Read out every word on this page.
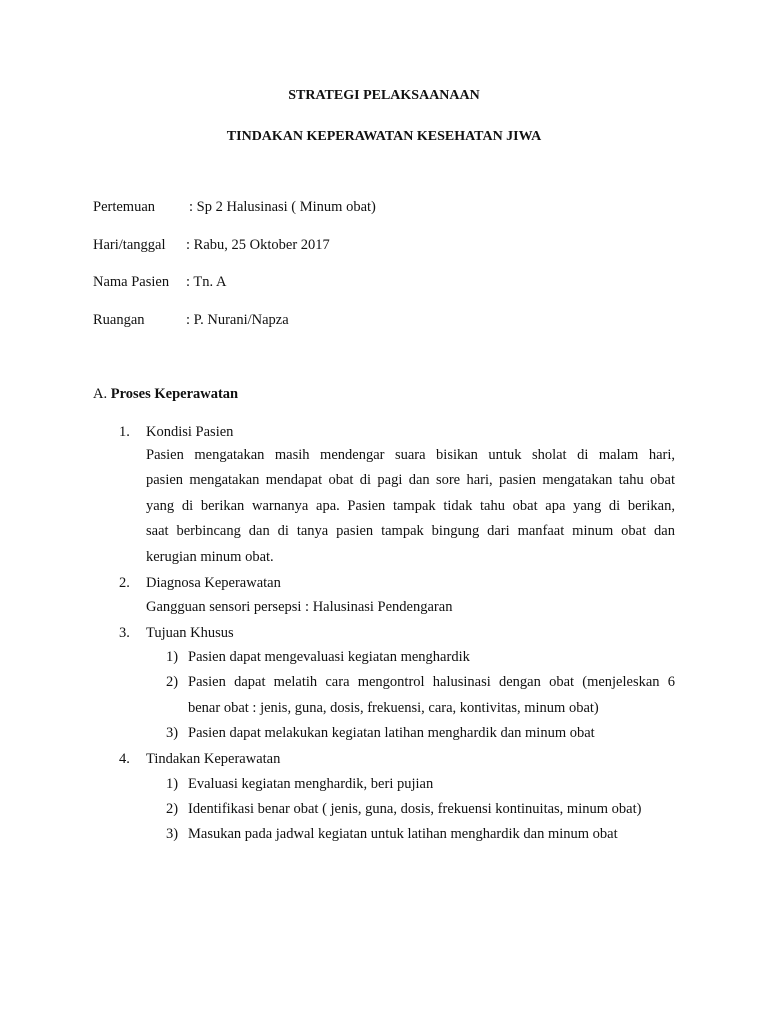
STRATEGI PELAKSAANAAN
TINDAKAN KEPERAWATAN KESEHATAN JIWA
Pertemuan : Sp 2 Halusinasi ( Minum obat)
Hari/tanggal : Rabu, 25 Oktober 2017
Nama Pasien : Tn. A
Ruangan	: P. Nurani/Napza
A. Proses Keperawatan
1. Kondisi Pasien
Pasien mengatakan masih mendengar suara bisikan untuk sholat di malam hari,
pasien mengatakan mendapat obat di pagi dan sore hari, pasien mengatakan tahu obat
yang di berikan warnanya apa. Pasien tampak tidak tahu obat apa yang di berikan,
saat berbincang dan di tanya pasien tampak bingung dari manfaat minum obat dan
kerugian minum obat.
2. Diagnosa Keperawatan
Gangguan sensori persepsi : Halusinasi Pendengaran
3. Tujuan Khusus
1) Pasien dapat mengevaluasi kegiatan menghardik
2) Pasien dapat melatih cara mengontrol halusinasi dengan obat (menjeleskan 6
benar obat : jenis, guna, dosis, frekuensi, cara, kontivitas, minum obat)
3) Pasien dapat melakukan kegiatan latihan menghardik dan minum obat
4. Tindakan Keperawatan
1) Evaluasi kegiatan menghardik, beri pujian
2) Identifikasi benar obat ( jenis, guna, dosis, frekuensi kontinuitas, minum obat)
3) Masukan pada jadwal kegiatan untuk latihan menghardik dan minum obat
